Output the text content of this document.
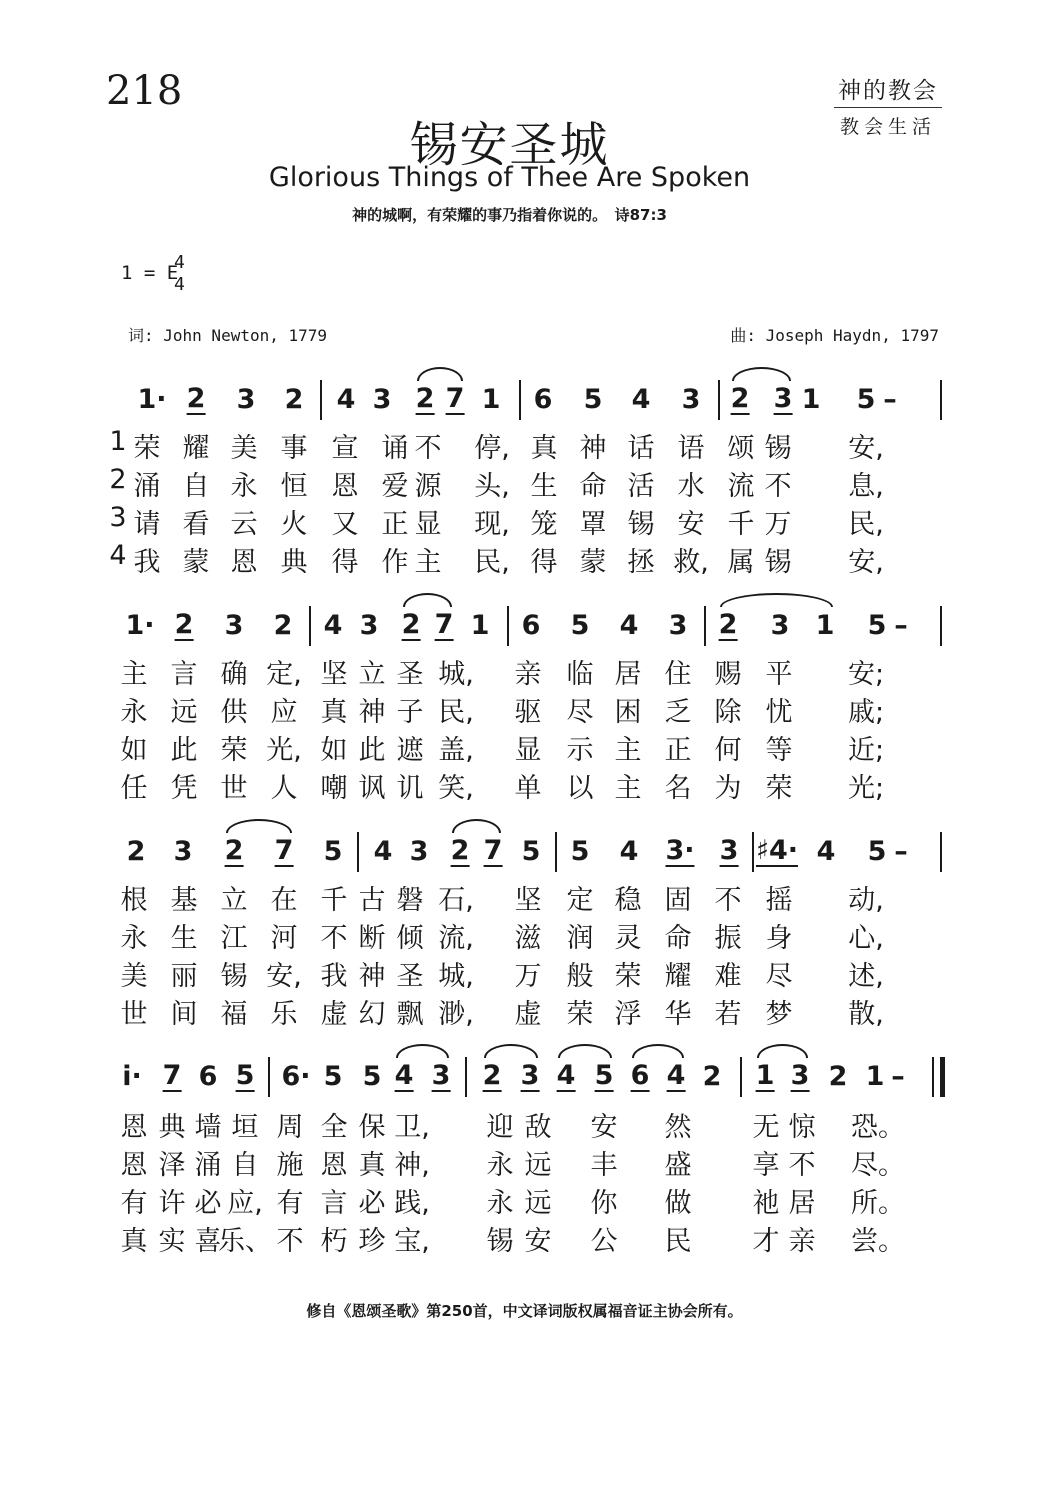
218	神的教会
教会生活
锡安圣城
Glorious Things of Thee Are Spoken
神的城啊，有荣耀的事乃指着你说的。　诗87:3
1 = E
4
4
词: John Newton, 1779	曲: Joseph Haydn, 1797
1· 2 3 2 4 3 2 7 1 6 5 4 3 2 3 1 5 –
1 荣 耀 美 事 宣 诵 不 停, 真 神 话 语 颂 锡 安,
2 涌 自 永 恒 恩 爱 源 头, 生 命 活 水 流 不 息,
3 请 看 云 火 又 正 显 现, 笼 罩 锡 安 千 万 民,
4 我 蒙 恩 典 得 作 主 民, 得 蒙 拯 救, 属 锡 安,
1· 2 3 2 4 3 2 7 1 6 5 4 3 2 3 1 5 –
主 言 确 定, 坚 立 圣 城, 亲 临 居 住 赐 平 安;
永 远 供 应 真 神 子 民, 驱 尽 困 乏 除 忧 戚;
如 此 荣 光, 如 此 遮 盖, 显 示 主 正 何 等 近;
任 凭 世 人 嘲 讽 讥 笑, 单 以 主 名 为 荣 光;
2 3 2 7 5 4 3 2 7 5 5 4 3· 3 ♯4· 4 5 –
根 基 立 在 千 古 磐 石, 坚 定 稳 固 不 摇 动,
永 生 江 河 不 断 倾 流, 滋 润 灵 命 振 身 心,
美 丽 锡 安, 我 神 圣 城, 万 般 荣 耀 难 尽 述,
世 间 福 乐 虚 幻 飘 渺, 虚 荣 浮 华 若 梦 散,
i· 7 6 5 6· 5 5 4 3 2 3 4 5 6 4 2 1 3 2 1 –
恩 典 墙 垣 周 全 保 卫, 迎 敌 安 然 无 惊 恐。
恩 泽 涌 自 施 恩 真 神, 永 远 丰 盛 享 不 尽。
有 许 必 应, 有 言 必 践, 永 远 你 做 祂 居 所。
真 实 喜
乐、 不 朽 珍 宝, 锡 安 公 民 才 亲 尝。
修自《恩颂圣歌》第250首，中文译词版权属福音证主协会所有。
